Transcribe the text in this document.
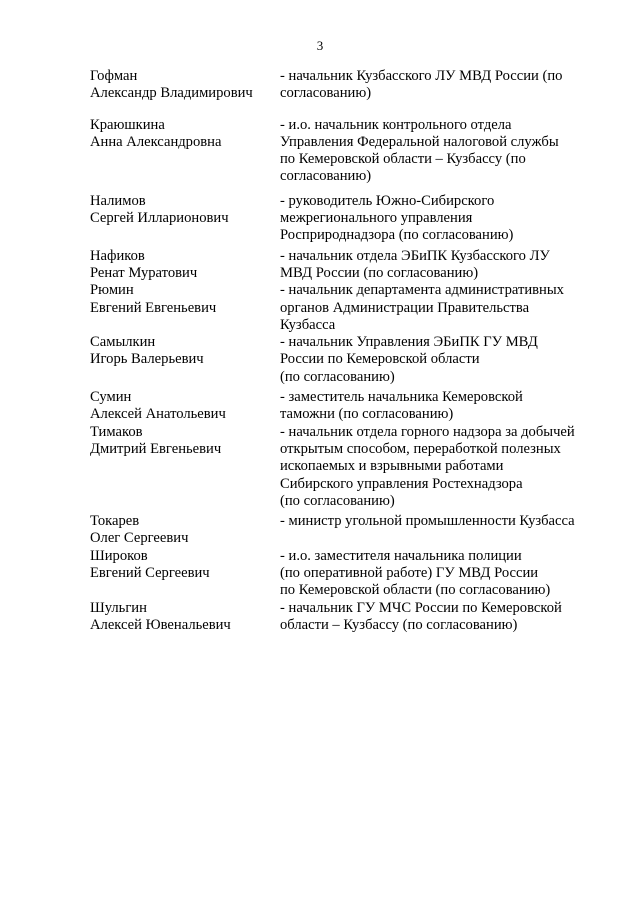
3
Гофман
Александр Владимирович
- начальник Кузбасского ЛУ МВД России (по
согласованию)
Краюшкина
Анна Александровна
- и.о. начальник контрольного отдела
Управления Федеральной налоговой службы
по Кемеровской области – Кузбассу (по
согласованию)
Налимов
Сергей Илларионович
- руководитель Южно-Сибирского
межрегионального управления
Росприроднадзора (по согласованию)
Нафиков
Ренат Муратович
- начальник отдела ЭБиПК Кузбасского ЛУ
МВД России (по согласованию)
Рюмин
Евгений Евгеньевич
- начальник департамента административных
органов Администрации Правительства
Кузбасса
Самылкин
Игорь Валерьевич
- начальник Управления ЭБиПК ГУ МВД
России по Кемеровской области
(по согласованию)
Сумин
Алексей Анатольевич
- заместитель начальника Кемеровской
таможни (по согласованию)
Тимаков
Дмитрий Евгеньевич
- начальник отдела горного надзора за добычей
открытым способом, переработкой полезных
ископаемых и взрывными работами
Сибирского управления Ростехнадзора
(по согласованию)
Токарев
Олег Сергеевич
- министр угольной промышленности Кузбасса
Широков
Евгений Сергеевич
- и.о. заместителя начальника полиции
(по оперативной работе) ГУ МВД России
по Кемеровской области (по согласованию)
Шульгин
Алексей Ювенальевич
- начальник ГУ МЧС России по Кемеровской
области – Кузбассу (по согласованию)
